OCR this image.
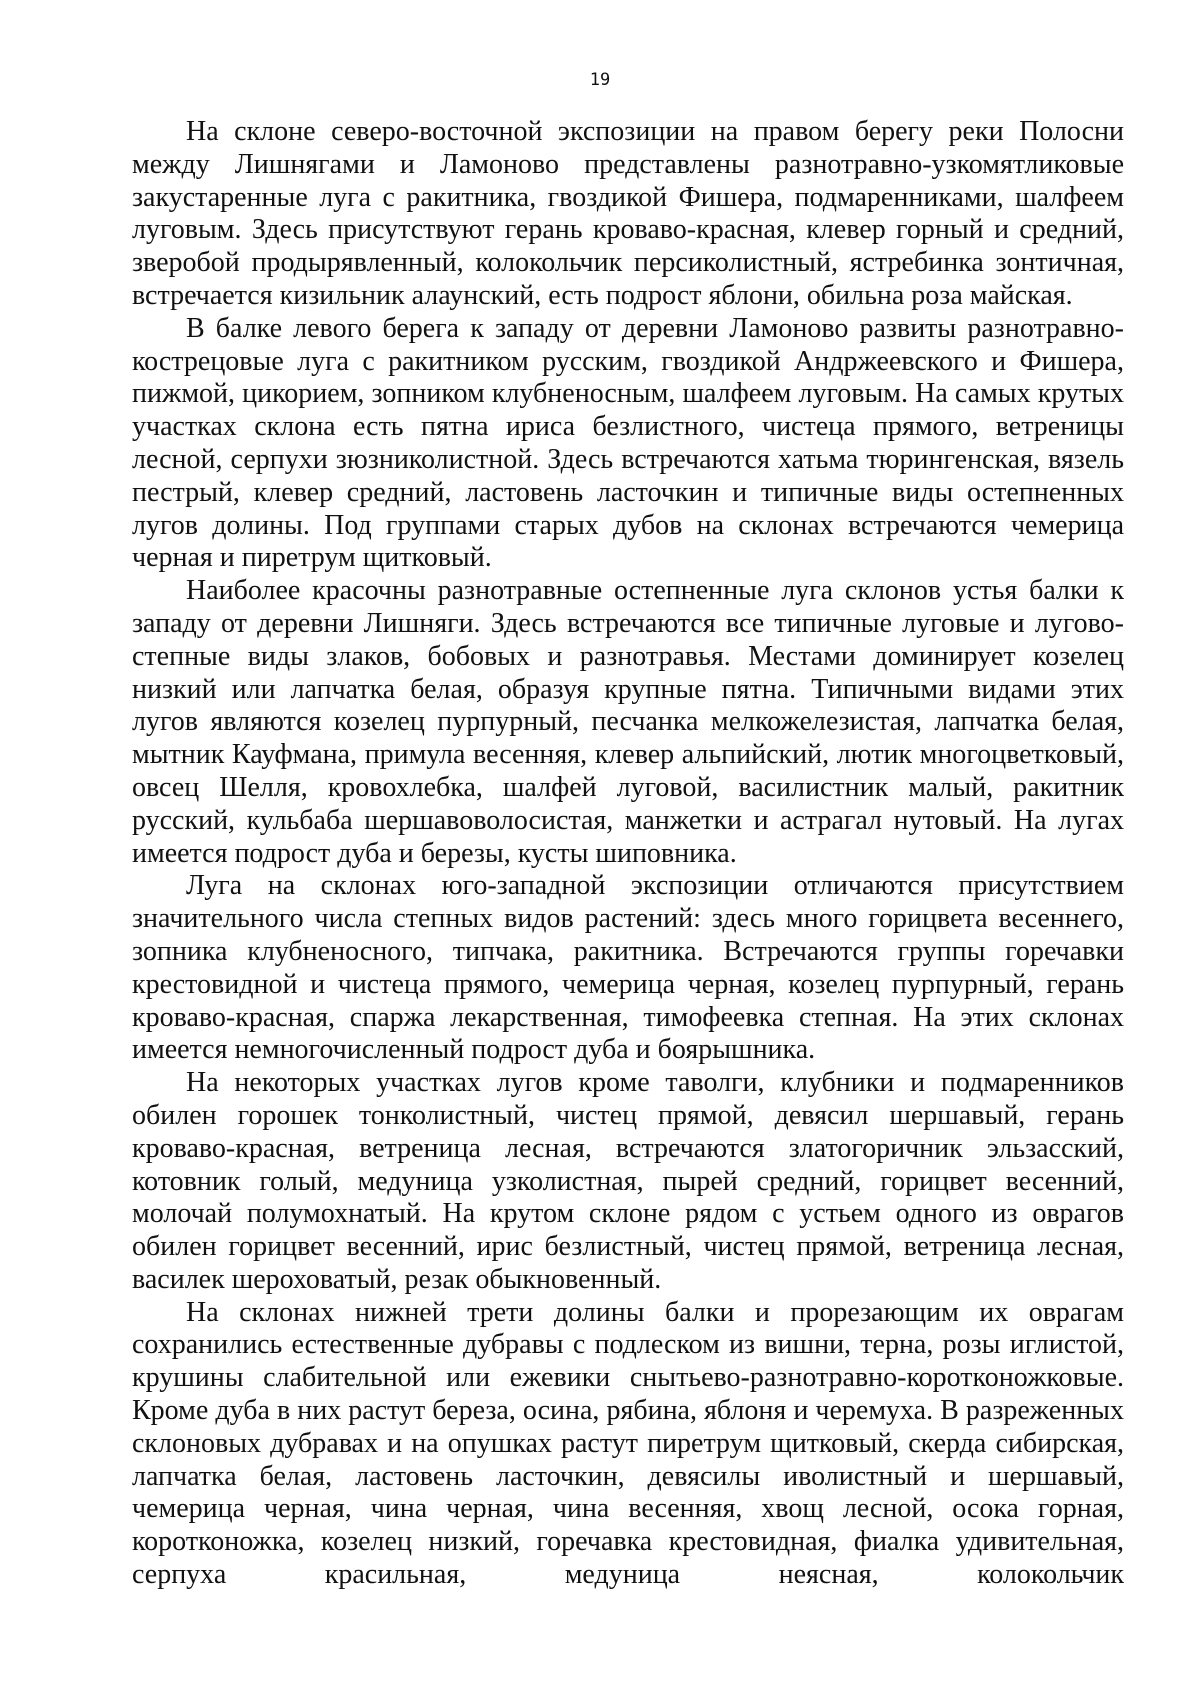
19

На склоне северо-восточной экспозиции на правом берегу реки Полосни между Лишнягами и Ламоново представлены разнотравно-узкомятликовые закустаренные луга с ракитника, гвоздикой Фишера, подмаренниками, шалфеем луговым. Здесь присутствуют герань кроваво-красная, клевер горный и средний, зверобой продырявленный, колокольчик персиколистный, ястребинка зонтичная, встречается кизильник алаунский, есть подрост яблони, обильна роза майская.

В балке левого берега к западу от деревни Ламоново развиты разнотравно-кострецовые луга с ракитником русским, гвоздикой Андржеевского и Фишера, пижмой, цикорием, зопником клубненосным, шалфеем луговым. На самых крутых участках склона есть пятна ириса безлистного, чистеца прямого, ветреницы лесной, серпухи зюзниколистной. Здесь встречаются хатьма тюрингенская, вязель пестрый, клевер средний, ластовень ласточкин и типичные виды остепненных лугов долины. Под группами старых дубов на склонах встречаются чемерица черная и пиретрум щитковый.

Наиболее красочны разнотравные остепненные луга склонов устья балки к западу от деревни Лишняги. Здесь встречаются все типичные луговые и лугово-степные виды злаков, бобовых и разнотравья. Местами доминирует козелец низкий или лапчатка белая, образуя крупные пятна. Типичными видами этих лугов являются козелец пурпурный, песчанка мелкожелезистая, лапчатка белая, мытник Кауфмана, примула весенняя, клевер альпийский, лютик многоцветковый, овсец Шелля, кровохлебка, шалфей луговой, василистник малый, ракитник русский, кульбаба шершавоволосистая, манжетки и астрагал нутовый. На лугах имеется подрост дуба и березы, кусты шиповника.

Луга на склонах юго-западной экспозиции отличаются присутствием значительного числа степных видов растений: здесь много горицвета весеннего, зопника клубненосного, типчака, ракитника. Встречаются группы горечавки крестовидной и чистеца прямого, чемерица черная, козелец пурпурный, герань кроваво-красная, спаржа лекарственная, тимофеевка степная. На этих склонах имеется немногочисленный подрост дуба и боярышника.

На некоторых участках лугов кроме таволги, клубники и подмаренников обилен горошек тонколистный, чистец прямой, девясил шершавый, герань кроваво-красная, ветреница лесная, встречаются златогоричник эльзасский, котовник голый, медуница узколистная, пырей средний, горицвет весенний, молочай полумохнатый. На крутом склоне рядом с устьем одного из оврагов обилен горицвет весенний, ирис безлистный, чистец прямой, ветреница лесная, василек шероховатый, резак обыкновенный.

На склонах нижней трети долины балки и прорезающим их оврагам сохранились естественные дубравы с подлеском из вишни, терна, розы иглистой, крушины слабительной или ежевики снытьево-разнотравно-коротконожковые. Кроме дуба в них растут береза, осина, рябина, яблоня и черемуха. В разреженных склоновых дубравах и на опушках растут пиретрум щитковый, скерда сибирская, лапчатка белая, ластовень ласточкин, девясилы иволистный и шершавый, чемерица черная, чина черная, чина весенняя, хвощ лесной, осока горная, коротконожка, козелец низкий, горечавка крестовидная, фиалка удивительная, серпуха красильная, медуница неясная, колокольчик
